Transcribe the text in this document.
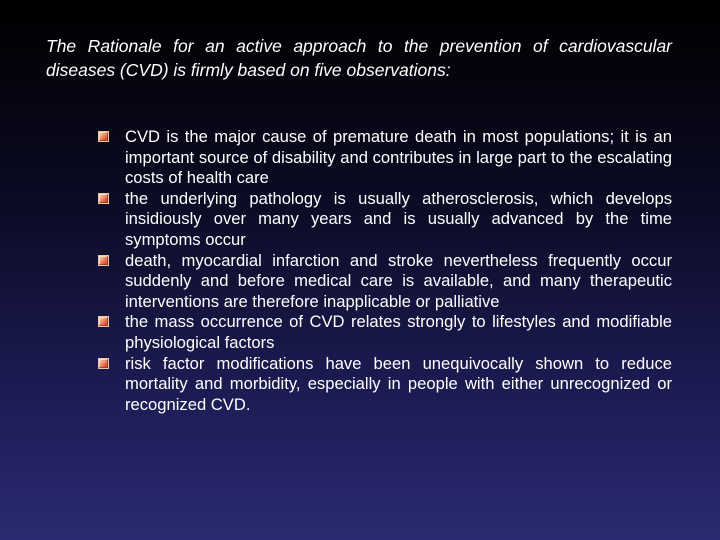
The Rationale for an active approach to the prevention of cardiovascular diseases (CVD) is firmly based on five observations:

CVD is the major cause of premature death in most populations; it is an important source of disability and contributes in large part to the escalating costs of health care
the underlying pathology is usually atherosclerosis, which develops insidiously over many years and is usually advanced by the time symptoms occur
death, myocardial infarction and stroke nevertheless frequently occur suddenly and before medical care is available, and many therapeutic interventions are therefore inapplicable or palliative
the mass occurrence of CVD relates strongly to lifestyles and modifiable physiological factors
risk factor modifications have been unequivocally shown to reduce mortality and morbidity, especially in people with either unrecognized or recognized CVD.
